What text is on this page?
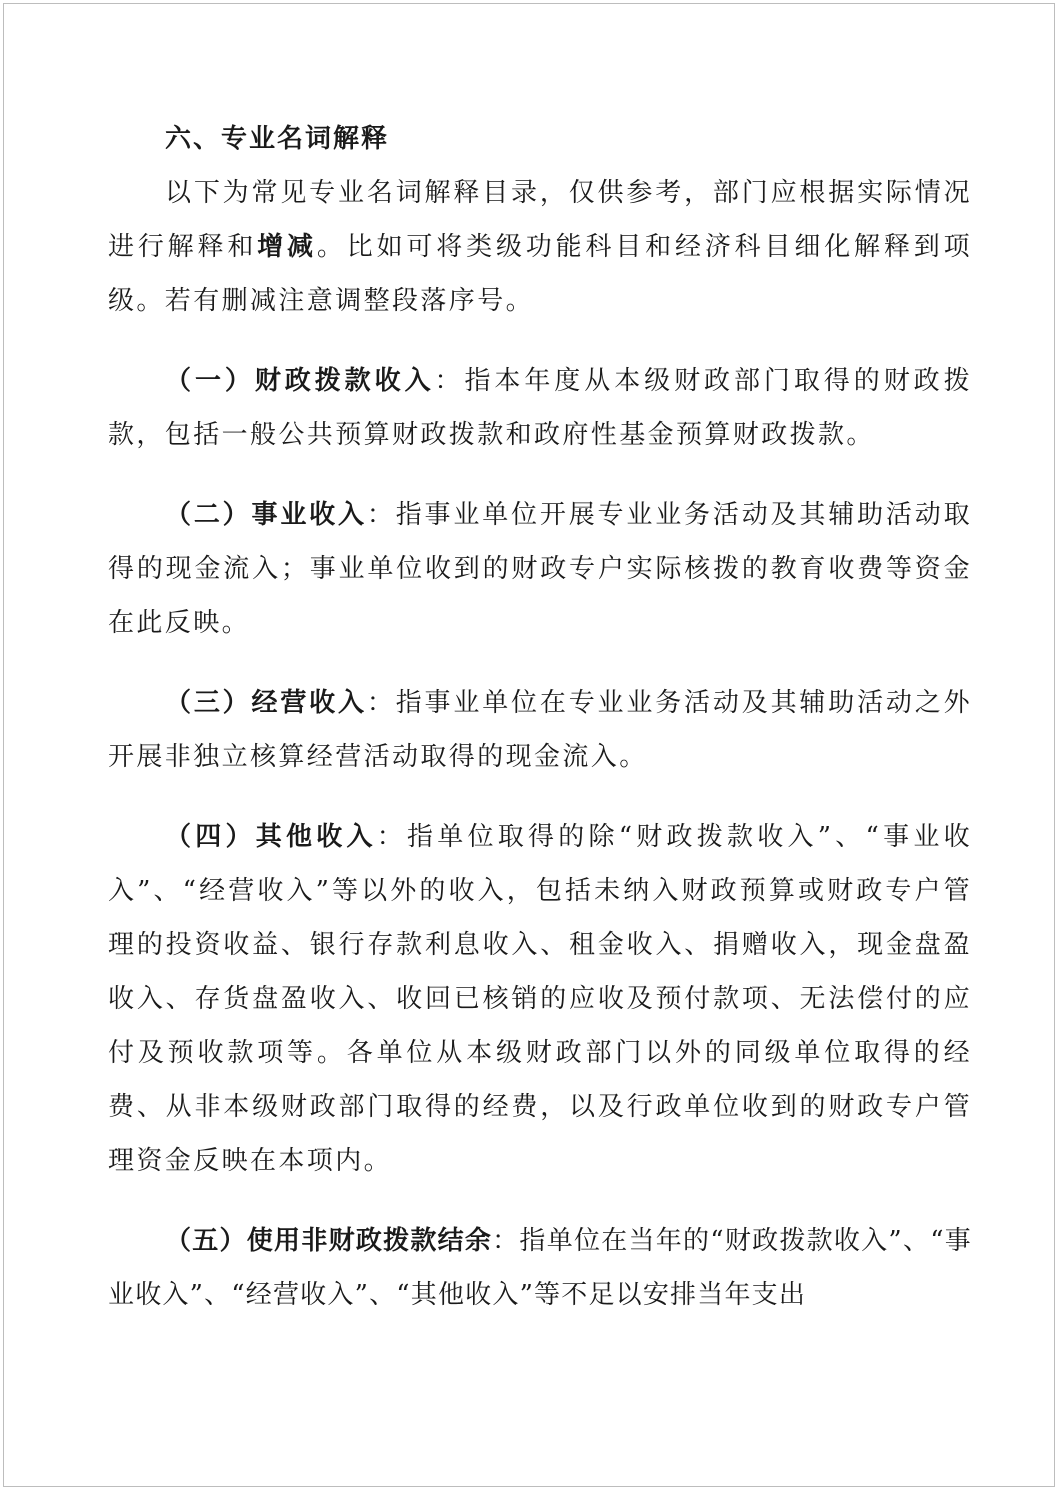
六、专业名词解释

以下为常见专业名词解释目录，仅供参考，部门应根据实际情况进行解释和增减。比如可将类级功能科目和经济科目细化解释到项级。若有删减注意调整段落序号。

（一）财政拨款收入：指本年度从本级财政部门取得的财政拨款，包括一般公共预算财政拨款和政府性基金预算财政拨款。

（二）事业收入：指事业单位开展专业业务活动及其辅助活动取得的现金流入；事业单位收到的财政专户实际核拨的教育收费等资金在此反映。

（三）经营收入：指事业单位在专业业务活动及其辅助活动之外开展非独立核算经营活动取得的现金流入。

（四）其他收入：指单位取得的除“财政拨款收入”、“事业收入”、“经营收入”等以外的收入，包括未纳入财政预算或财政专户管理的投资收益、银行存款利息收入、租金收入、捐赠收入，现金盘盈收入、存货盘盈收入、收回已核销的应收及预付款项、无法偿付的应付及预收款项等。各单位从本级财政部门以外的同级单位取得的经费、从非本级财政部门取得的经费，以及行政单位收到的财政专户管理资金反映在本项内。

（五）使用非财政拨款结余：指单位在当年的“财政拨款收入”、“事业收入”、“经营收入”、“其他收入”等不足以安排当年支出
